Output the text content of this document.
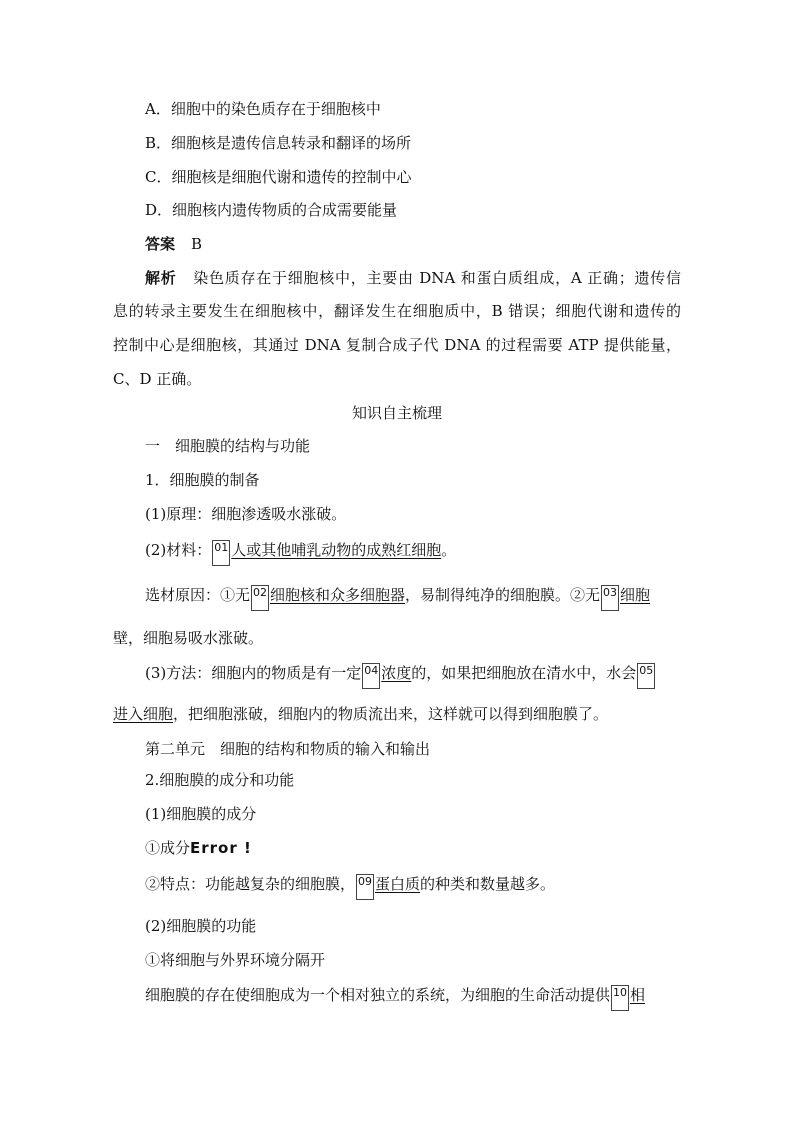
A．细胞中的染色质存在于细胞核中
B．细胞核是遗传信息转录和翻译的场所
C．细胞核是细胞代谢和遗传的控制中心
D．细胞核内遗传物质的合成需要能量
答案 B
解析 染色质存在于细胞核中，主要由 DNA 和蛋白质组成，A 正确；遗传信
息的转录主要发生在细胞核中，翻译发生在细胞质中，B 错误；细胞代谢和遗传的
控制中心是细胞核，其通过 DNA 复制合成子代 DNA 的过程需要 ATP 提供能量，
C、D 正确。
知识自主梳理
一　细胞膜的结构与功能
1．细胞膜的制备
(1)原理：细胞渗透吸水涨破。
(2)材料： 01 人或其他哺乳动物的成熟红细胞。
选材原因：①无 02 细胞核和众多细胞器，易制得纯净的细胞膜。②无 03 细胞
壁，细胞易吸水涨破。
(3)方法：细胞内的物质是有一定 04 浓度的，如果把细胞放在清水中，水会 05
进入细胞，把细胞涨破，细胞内的物质流出来，这样就可以得到细胞膜了。
第二单元　细胞的结构和物质的输入和输出
2.细胞膜的成分和功能
(1)细胞膜的成分
①成分Error !
②特点：功能越复杂的细胞膜， 09 蛋白质的种类和数量越多。
(2)细胞膜的功能
①将细胞与外界环境分隔开
细胞膜的存在使细胞成为一个相对独立的系统，为细胞的生命活动提供 10 相
